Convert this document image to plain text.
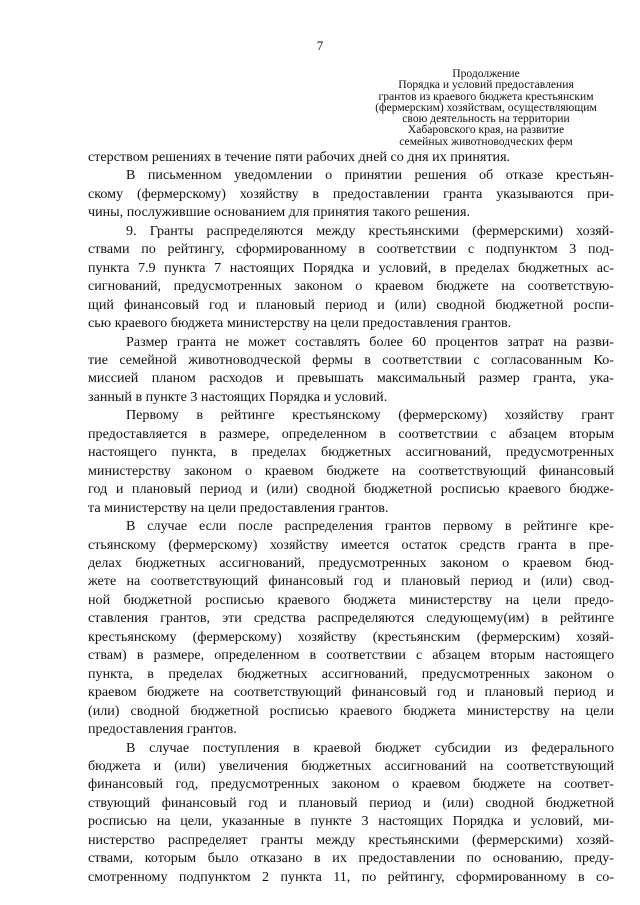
7
Продолжение
Порядка и условий предоставления
грантов из краевого бюджета крестьянским
(фермерским) хозяйствам, осуществляющим
свою деятельность на территории
Хабаровского края, на развитие
семейных животноводческих ферм
стерством решениях в течение пяти рабочих дней со дня их принятия.
В письменном уведомлении о принятии решения об отказе крестьян-
скому (фермерскому) хозяйству в предоставлении гранта указываются при-
чины, послужившие основанием для принятия такого решения.
9. Гранты распределяются между крестьянскими (фермерскими) хозяй-
ствами по рейтингу, сформированному в соответствии с подпунктом 3 под-
пункта 7.9 пункта 7 настоящих Порядка и условий, в пределах бюджетных ас-
сигнований, предусмотренных законом о краевом бюджете на соответствую-
щий финансовый год и плановый период и (или) сводной бюджетной роспи-
сью краевого бюджета министерству на цели предоставления грантов.
Размер гранта не может составлять более 60 процентов затрат на разви-
тие семейной животноводческой фермы в соответствии с согласованным Ко-
миссией планом расходов и превышать максимальный размер гранта, ука-
занный в пункте 3 настоящих Порядка и условий.
Первому в рейтинге крестьянскому (фермерскому) хозяйству грант
предоставляется в размере, определенном в соответствии с абзацем вторым
настоящего пункта, в пределах бюджетных ассигнований, предусмотренных
министерству законом о краевом бюджете на соответствующий финансовый
год и плановый период и (или) сводной бюджетной росписью краевого бюдже-
та министерству на цели предоставления грантов.
В случае если после распределения грантов первому в рейтинге кре-
стьянскому (фермерскому) хозяйству имеется остаток средств гранта в пре-
делах бюджетных ассигнований, предусмотренных законом о краевом бюд-
жете на соответствующий финансовый год и плановый период и (или) свод-
ной бюджетной росписью краевого бюджета министерству на цели предо-
ставления грантов, эти средства распределяются следующему(им) в рейтинге
крестьянскому (фермерскому) хозяйству (крестьянским (фермерским) хозяй-
ствам) в размере, определенном в соответствии с абзацем вторым настоящего
пункта, в пределах бюджетных ассигнований, предусмотренных законом о
краевом бюджете на соответствующий финансовый год и плановый период и
(или) сводной бюджетной росписью краевого бюджета министерству на цели
предоставления грантов.
В случае поступления в краевой бюджет субсидии из федерального
бюджета и (или) увеличения бюджетных ассигнований на соответствующий
финансовый год, предусмотренных законом о краевом бюджете на соответ-
ствующий финансовый год и плановый период и (или) сводной бюджетной
росписью на цели, указанные в пункте 3 настоящих Порядка и условий, ми-
нистерство распределяет гранты между крестьянскими (фермерскими) хозяй-
ствами, которым было отказано в их предоставлении по основанию, преду-
смотренному подпунктом 2 пункта 11, по рейтингу, сформированному в со-
